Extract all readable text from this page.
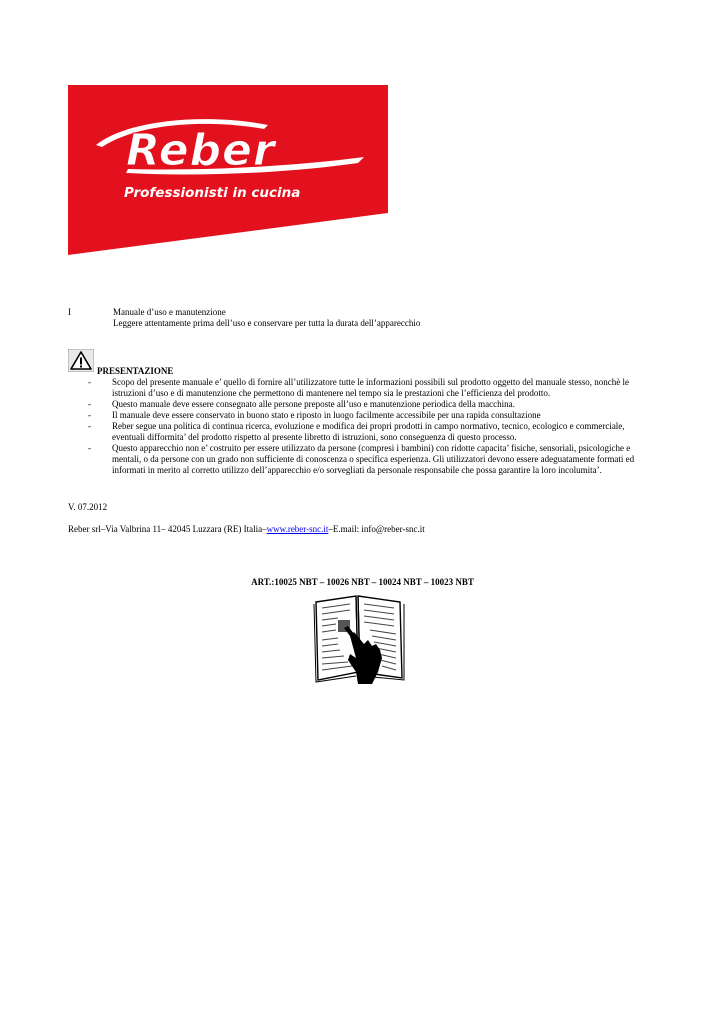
Reber
Professionisti in cucina
I	Manuale d’uso e manutenzione
Leggere attentamente prima dell’uso e conservare per tutta la durata dell’apparecchio
PRESENTAZIONE
- Scopo del presente manuale e’ quello di fornire all’utilizzatore tutte le informazioni possibili sul prodotto oggetto del manuale stesso, nonchè le istruzioni d’uso e di manutenzione che permettono di mantenere nel tempo sia le prestazioni che l’efficienza del prodotto.
- Questo manuale deve essere consegnato alle persone preposte all’uso e manutenzione periodica della macchina.
- Il manuale deve essere conservato in buono stato e riposto in luogo facilmente accessibile per una rapida consultazione
- Reber segue una politica di continua ricerca, evoluzione e modifica dei propri prodotti in campo normativo, tecnico, ecologico e commerciale, eventuali difformita’ del prodotto rispetto al presente libretto di istruzioni, sono conseguenza di questo processo.
- Questo apparecchio non e’ costruito per essere utilizzato da persone (compresi i bambini) con ridotte capacita’ fisiche, sensoriali, psicologiche e mentali, o da persone con un grado non sufficiente di conoscenza o specifica esperienza. Gli utilizzatori devono essere adeguatamente formati ed informati in merito al corretto utilizzo dell’apparecchio e/o sorvegliati da personale responsabile che possa garantire la loro incolumita’.
V. 07.2012
Reber srl–Via Valbrina 11– 42045 Luzzara (RE) Italia–www.reber-snc.it–E.mail: info@reber-snc.it
ART.:10025 NBT – 10026 NBT – 10024 NBT – 10023 NBT
